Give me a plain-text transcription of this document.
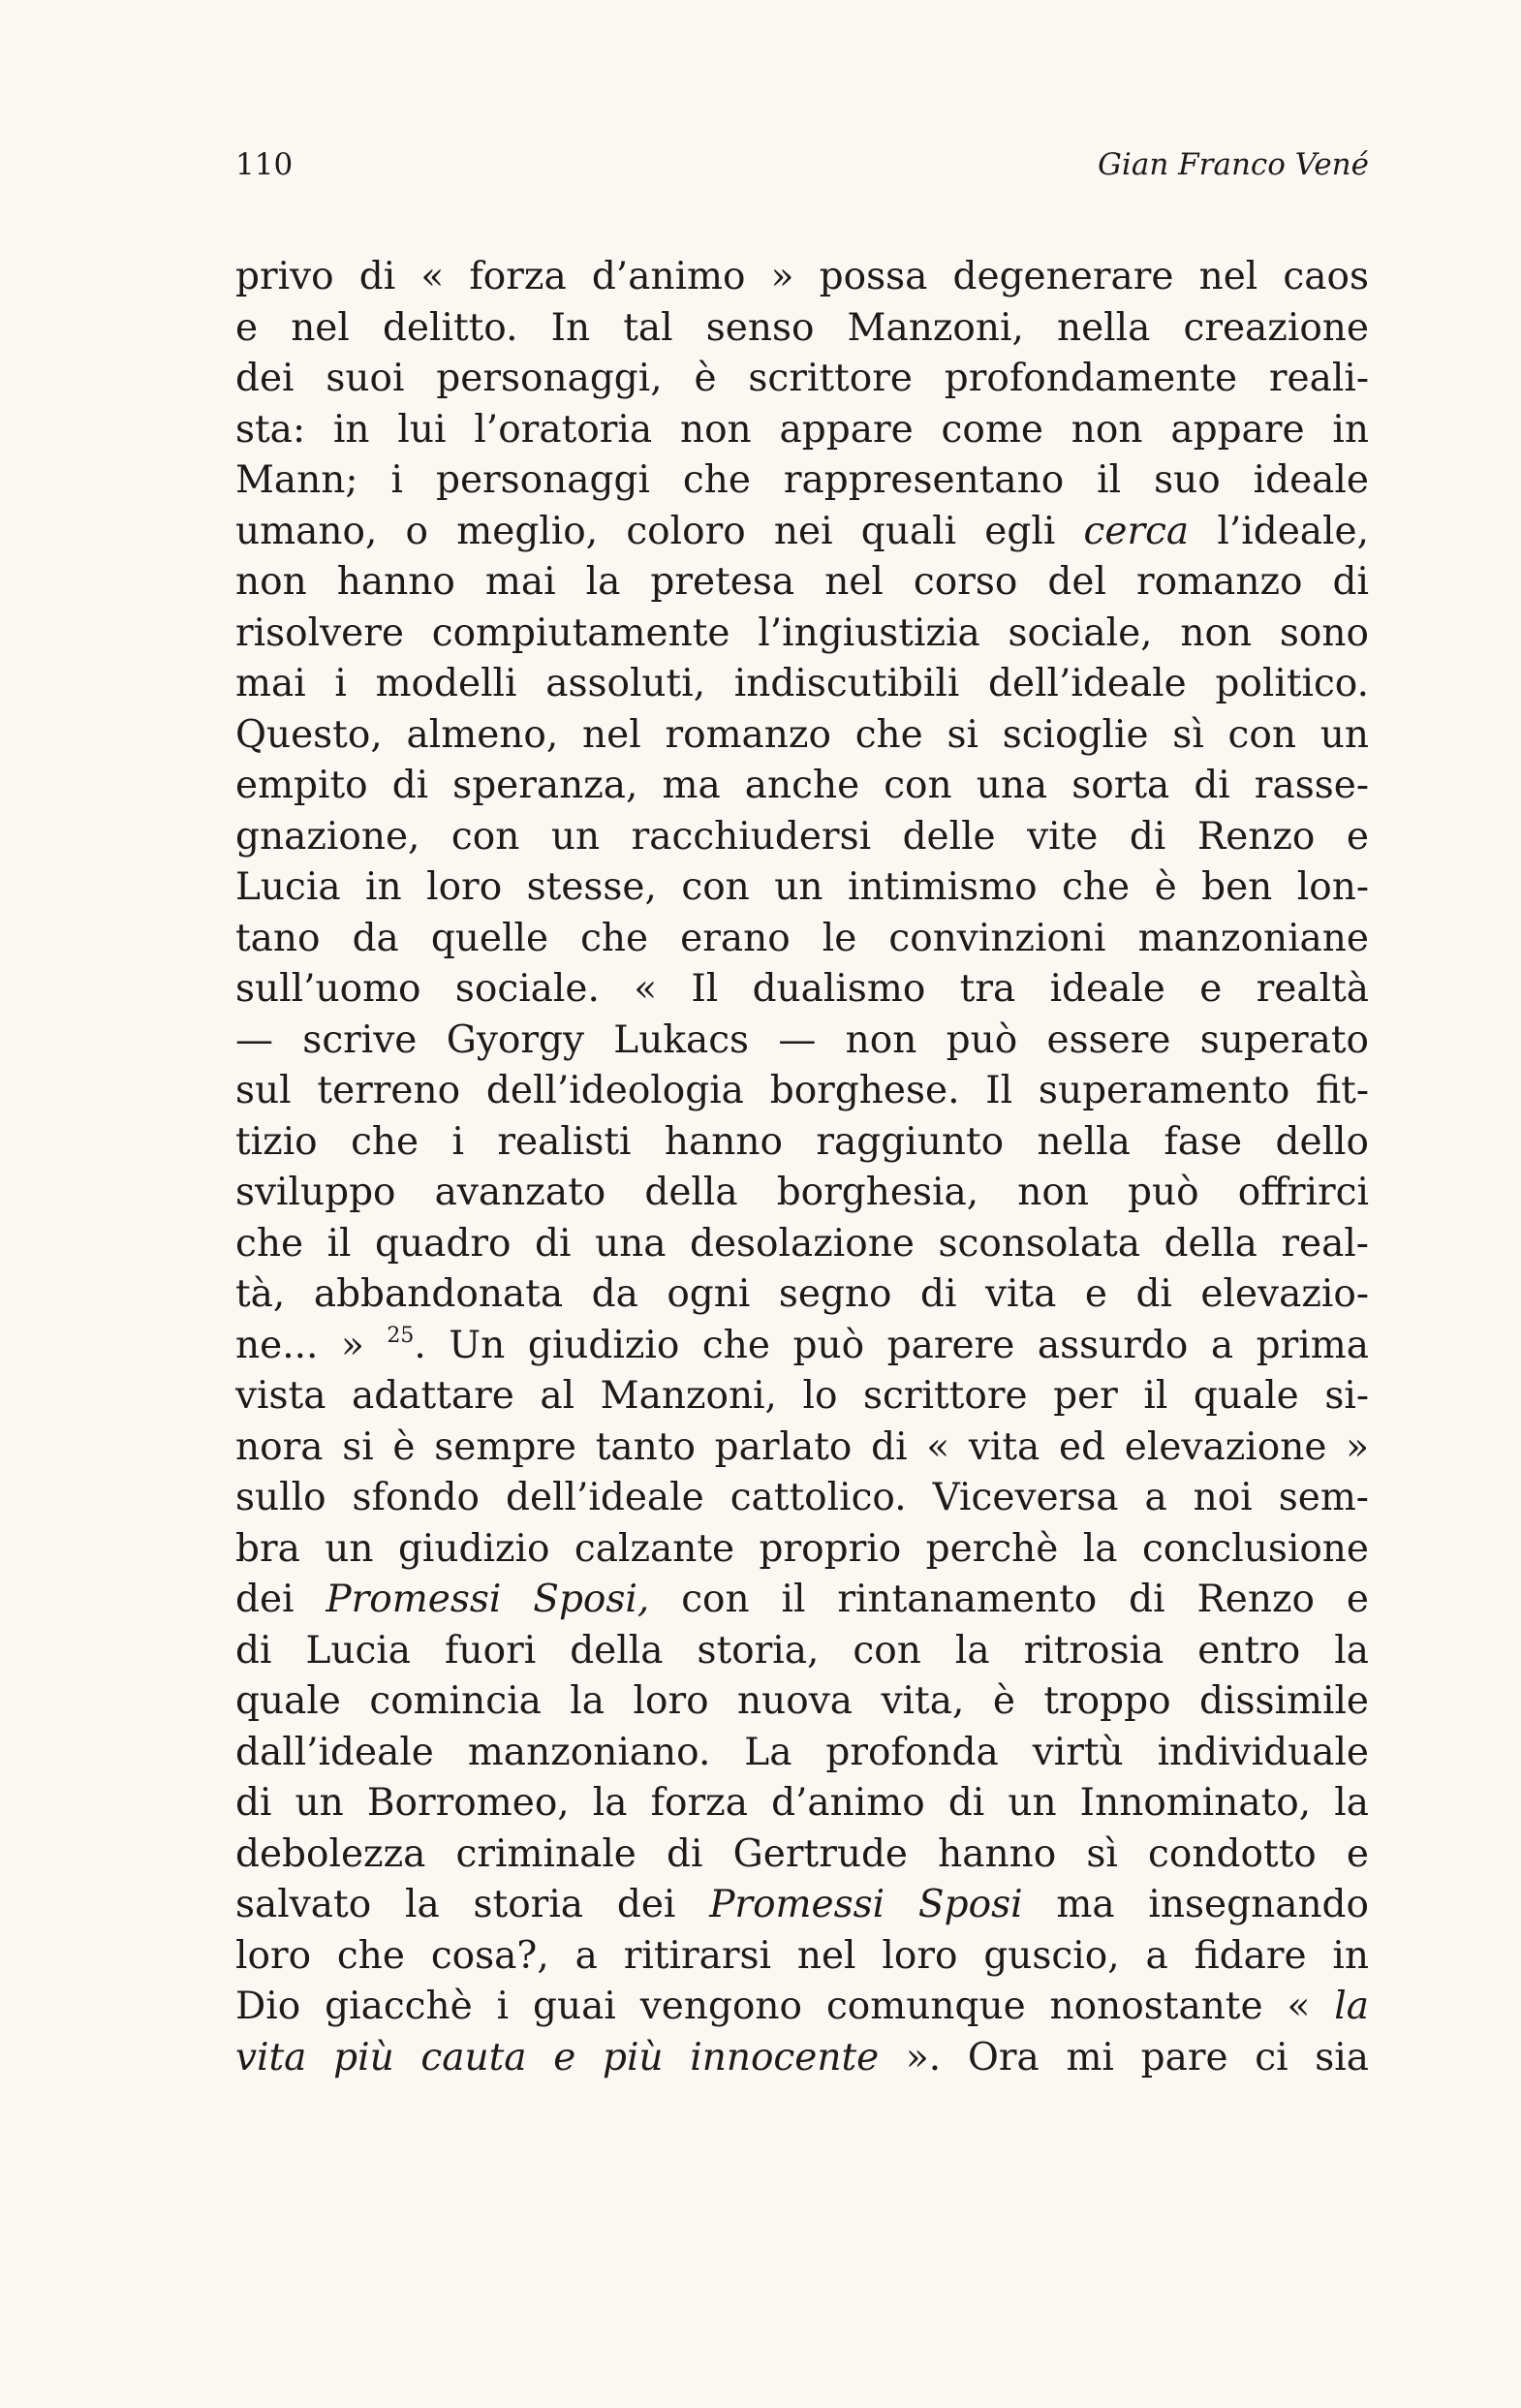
110	Gian Franco Vené
privo di « forza d’animo » possa degenerare nel caos
e nel delitto. In tal senso Manzoni, nella creazione
dei suoi personaggi, è scrittore profondamente reali-
sta: in lui l’oratoria non appare come non appare in
Mann; i personaggi che rappresentano il suo ideale
umano, o meglio, coloro nei quali egli cerca l’ideale,
non hanno mai la pretesa nel corso del romanzo di
risolvere compiutamente l’ingiustizia sociale, non sono
mai i modelli assoluti, indiscutibili dell’ideale politico.
Questo, almeno, nel romanzo che si scioglie sì con un
empito di speranza, ma anche con una sorta di rasse-
gnazione, con un racchiudersi delle vite di Renzo e
Lucia in loro stesse, con un intimismo che è ben lon-
tano da quelle che erano le convinzioni manzoniane
sull’uomo sociale. « Il dualismo tra ideale e realtà
— scrive Gyorgy Lukacs — non può essere superato
sul terreno dell’ideologia borghese. Il superamento fit-
tizio che i realisti hanno raggiunto nella fase dello
sviluppo avanzato della borghesia, non può offrirci
che il quadro di una desolazione sconsolata della real-
tà, abbandonata da ogni segno di vita e di elevazio-
ne... » $^{25}$. Un giudizio che può parere assurdo a prima
vista adattare al Manzoni, lo scrittore per il quale si-
nora si è sempre tanto parlato di « vita ed elevazione »
sullo sfondo dell’ideale cattolico. Viceversa a noi sem-
bra un giudizio calzante proprio perchè la conclusione
dei Promessi Sposi, con il rintanamento di Renzo e
di Lucia fuori della storia, con la ritrosia entro la
quale comincia la loro nuova vita, è troppo dissimile
dall’ideale manzoniano. La profonda virtù individuale
di un Borromeo, la forza d’animo di un Innominato, la
debolezza criminale di Gertrude hanno sì condotto e
salvato la storia dei Promessi Sposi ma insegnando
loro che cosa?, a ritirarsi nel loro guscio, a fidare in
Dio giacchè i guai vengono comunque nonostante « la
vita più cauta e più innocente ». Ora mi pare ci sia
